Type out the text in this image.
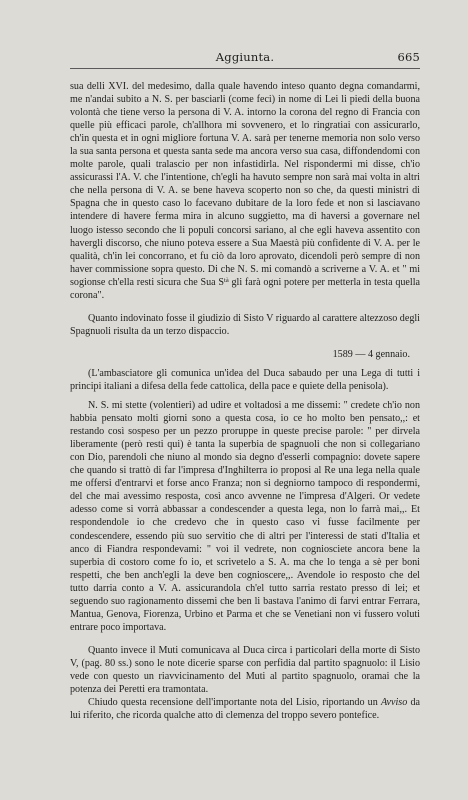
Aggiunta.	665

sua delli XVI. del medesimo, dalla quale havendo inteso quanto degna comandarmi, me n'andai subito a N. S. per basciarli (come feci) in nome di Lei li piedi della buona volontà che tiene verso la persona di V. A. intorno la corona del regno di Francia con quelle più efficaci parole, ch'allhora mi sovvenero, et lo ringratiai con assicurarlo, ch'in questa et in ogni migliore fortuna V. A. sarà per tenerne memoria non solo verso la sua santa persona et questa santa sede ma ancora verso sua casa, diffondendomi con molte parole, quali tralascio per non infastidirla. Nel rispondermi mi disse, ch'io assicurassi l'A. V. che l'intentione, ch'egli ha havuto sempre non sarà mai volta in altri che nella persona di V. A. se bene haveva scoperto non so che, da questi ministri di Spagna che in questo caso lo facevano dubitare de la loro fede et non si lasciavano intendere di havere ferma mira in alcuno suggietto, ma di haversi a governare nel luogo istesso secondo che li populi concorsi sariano, al che egli haveva assentito con havergli discorso, che niuno poteva essere a Sua Maestà più confidente di V. A. per le qualità, ch'in lei concorrano, et fu ciò da loro aprovato, dicendoli però sempre di non haver commissione sopra questo. Di che N. S. mi comandò a scriverne a V. A. et " mi sogionse ch'ella resti sicura che Sua $S^{tà}$ gli farà ogni potere per metterla in testa quella corona".

Quanto indovinato fosse il giudizio di Sisto V riguardo al carattere altezzoso degli Spagnuoli risulta da un terzo dispaccio.

1589 — 4 gennaio.

(L'ambasciatore gli comunica un'idea del Duca sabaudo per una Lega di tutti i principi italiani a difesa della fede cattolica, della pace e quiete della penisola).

N. S. mi stette (volentieri) ad udire et voltadosi a me dissemi: " credete ch'io non habbia pensato molti giorni sono a questa cosa, io ce ho molto ben pensato,,: et restando così sospeso per un pezzo proruppe in queste precise parole: " per dirvela liberamente (però resti qui) è tanta la superbia de spagnuoli che non si collegariano con Dio, parendoli che niuno al mondo sia degno d'esserli compagnio: dovete sapere che quando si trattò di far l'impresa d'Inghilterra io proposi al Re una lega nella quale me offersi d'entrarvi et forse anco Franza; non si degniorno tampoco di respondermi, del che mai avessimo resposta, così anco avvenne ne l'impresa d'Algeri. Or vedete adesso come si vorrà abbassar a condescender a questa lega, non lo farrà mai,,. Et respondendole io che credevo che in questo caso vi fusse facilmente per condescendere, essendo più suo servitio che di altri per l'interessi de stati d'Italia et anco di Fiandra respondevami: " voi il vedrete, non cogniosciete ancora bene la superbia di costoro come fo io, et scrivetelo a S. A. ma che lo tenga a sè per boni respetti, che ben anch'egli la deve ben cognioscere,,. Avendole io resposto che del tutto darria conto a V. A. assicurandola ch'el tutto sarria restato presso di lei; et seguendo suo ragionamento dissemi che ben li bastava l'animo di farvi entrar Ferrara, Mantua, Genova, Fiorenza, Urbino et Parma et che se Venetiani non vi fussero voluti entrare poco importava.

Quanto invece il Muti comunicava al Duca circa i particolari della morte di Sisto V, (pag. 80 ss.) sono le note dicerie sparse con perfidia dal partito spagnuolo: il Lisio vede con questo un riavvicinamento del Muti al partito spagnuolo, oramai che la potenza dei Peretti era tramontata.

Chiudo questa recensione dell'importante nota del Lisio, riportando un Avviso da lui riferito, che ricorda qualche atto di clemenza del troppo severo pontefice.
